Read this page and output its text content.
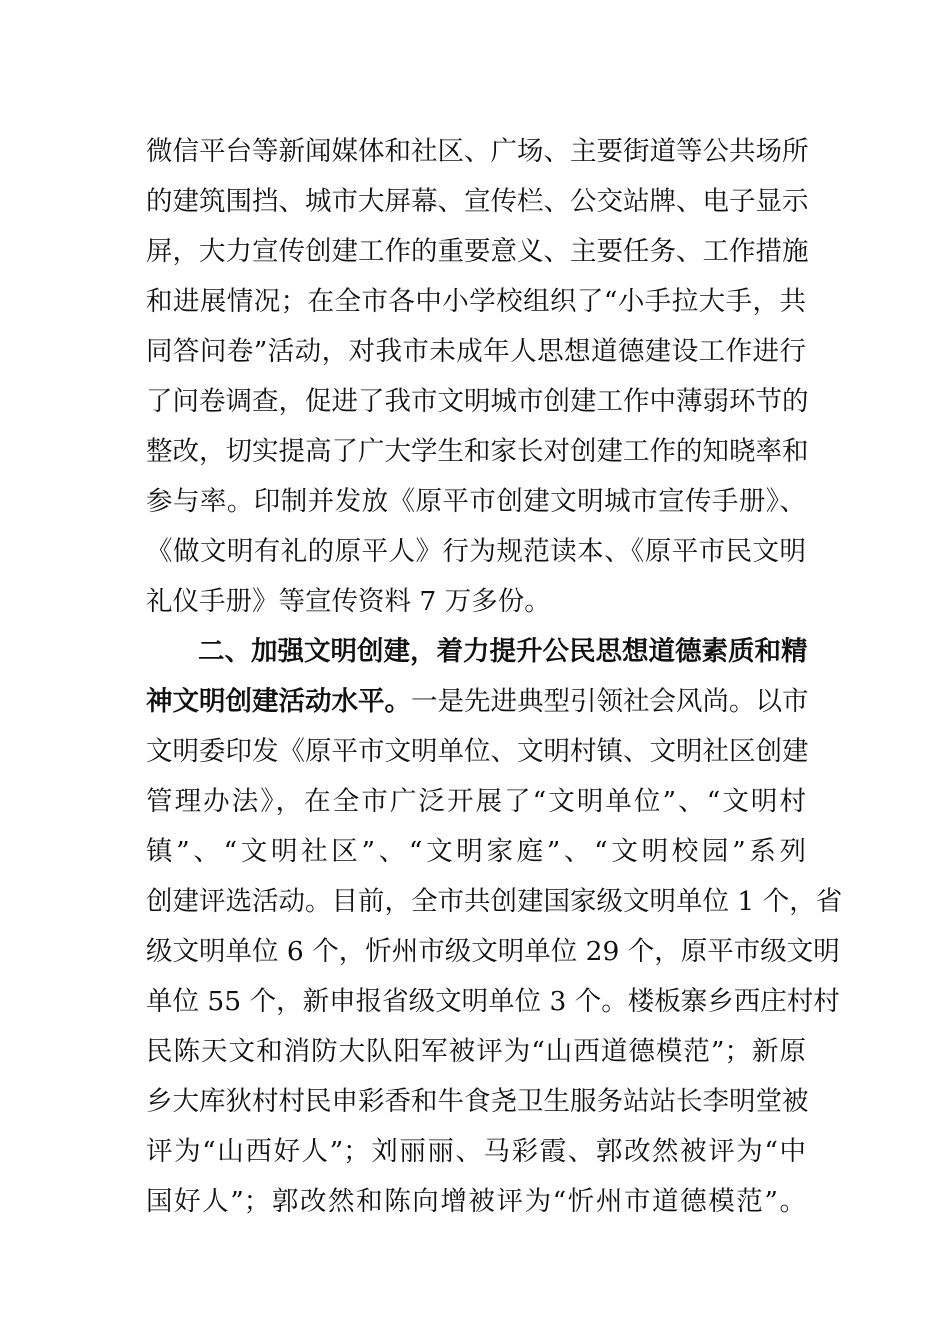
微信平台等新闻媒体和社区、广场、主要街道等公共场所
的建筑围挡、城市大屏幕、宣传栏、公交站牌、电子显示
屏，大力宣传创建工作的重要意义、主要任务、工作措施
和进展情况；在全市各中小学校组织了“小手拉大手，共
同答问卷”活动，对我市未成年人思想道德建设工作进行
了问卷调查，促进了我市文明城市创建工作中薄弱环节的
整改，切实提高了广大学生和家长对创建工作的知晓率和
参与率。印制并发放《原平市创建文明城市宣传手册》、
《做文明有礼的原平人》行为规范读本、《原平市民文明
礼仪手册》等宣传资料 7 万多份。
二、加强文明创建，着力提升公民思想道德素质和精
神文明创建活动水平。一是先进典型引领社会风尚。以市
文明委印发《原平市文明单位、文明村镇、文明社区创建
管理办法》，在全市广泛开展了“文明单位”、“文明村
镇”、“文明社区”、“文明家庭”、“文明校园”系列
创建评选活动。目前，全市共创建国家级文明单位 1 个，省
级文明单位 6 个，忻州市级文明单位 29 个，原平市级文明
单位 55 个，新申报省级文明单位 3 个。楼板寨乡西庄村村
民陈天文和消防大队阳军被评为“山西道德模范”；新原
乡大库狄村村民申彩香和牛食尧卫生服务站站长李明堂被
评为“山西好人”；刘丽丽、马彩霞、郭改然被评为“中
国好人”；郭改然和陈向增被评为“忻州市道德模范”。
